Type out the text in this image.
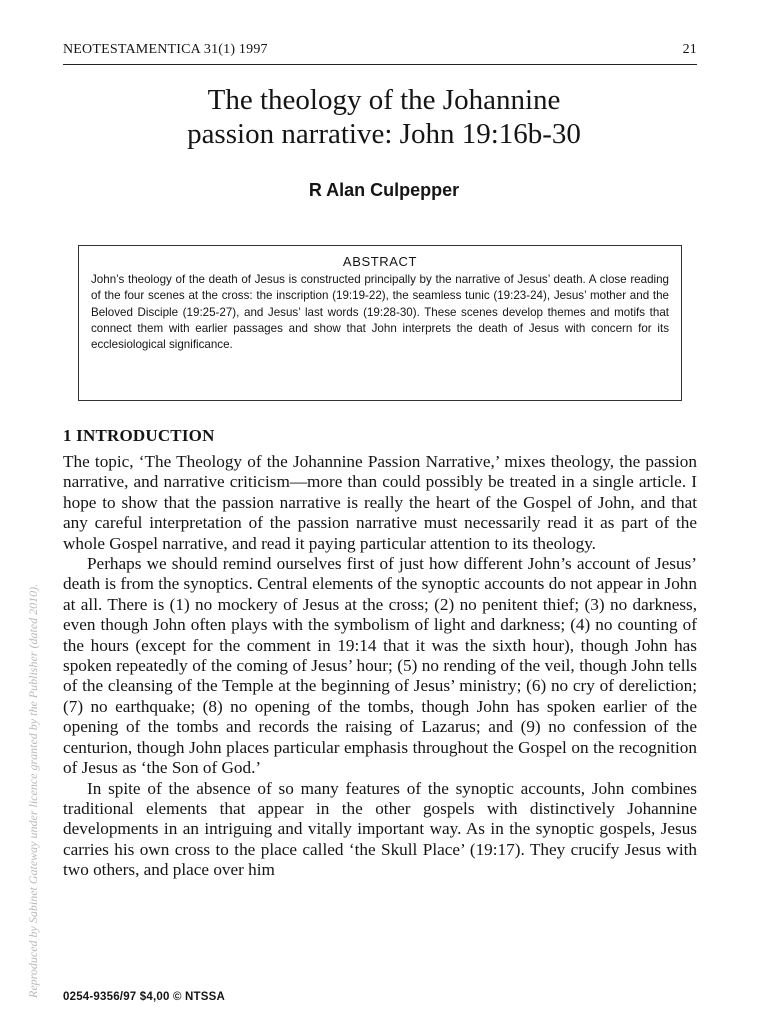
NEOTESTAMENTICA 31(1) 1997	21
The theology of the Johannine
passion narrative: John 19:16b-30
R Alan Culpepper
ABSTRACT
John’s theology of the death of Jesus is constructed principally by the narrative of Jesus’ death. A close reading of the four scenes at the cross: the inscription (19:19-22), the seamless tunic (19:23-24), Jesus’ mother and the Beloved Disciple (19:25-27), and Jesus’ last words (19:28-30). These scenes develop themes and motifs that connect them with earlier passages and show that John interprets the death of Jesus with concern for its ecclesiological significance.
1 INTRODUCTION

The topic, ‘The Theology of the Johannine Passion Narrative,’ mixes theology, the passion narrative, and narrative criticism—more than could possibly be treated in a single article. I hope to show that the passion narrative is really the heart of the Gospel of John, and that any careful interpretation of the passion narrative must necessarily read it as part of the whole Gospel narrative, and read it paying particular attention to its theology.

Perhaps we should remind ourselves first of just how different John’s account of Jesus’ death is from the synoptics. Central elements of the synoptic accounts do not appear in John at all. There is (1) no mockery of Jesus at the cross; (2) no penitent thief; (3) no darkness, even though John often plays with the symbolism of light and darkness; (4) no counting of the hours (except for the comment in 19:14 that it was the sixth hour), though John has spoken repeatedly of the coming of Jesus’ hour; (5) no rending of the veil, though John tells of the cleansing of the Temple at the beginning of Jesus’ ministry; (6) no cry of dereliction; (7) no earthquake; (8) no opening of the tombs, though John has spoken earlier of the opening of the tombs and records the raising of Lazarus; and (9) no confession of the centurion, though John places particular emphasis throughout the Gospel on the recognition of Jesus as ‘the Son of God.’

In spite of the absence of so many features of the synoptic accounts, John combines traditional elements that appear in the other gospels with distinctively Johannine developments in an intriguing and vitally important way. As in the synoptic gospels, Jesus carries his own cross to the place called ‘the Skull Place’ (19:17). They crucify Jesus with two others, and place over him

Reproduced by Sabinet Gateway under licence granted by the Publisher (dated 2010). 0254-9356/97 $4,00 © NTSSA
